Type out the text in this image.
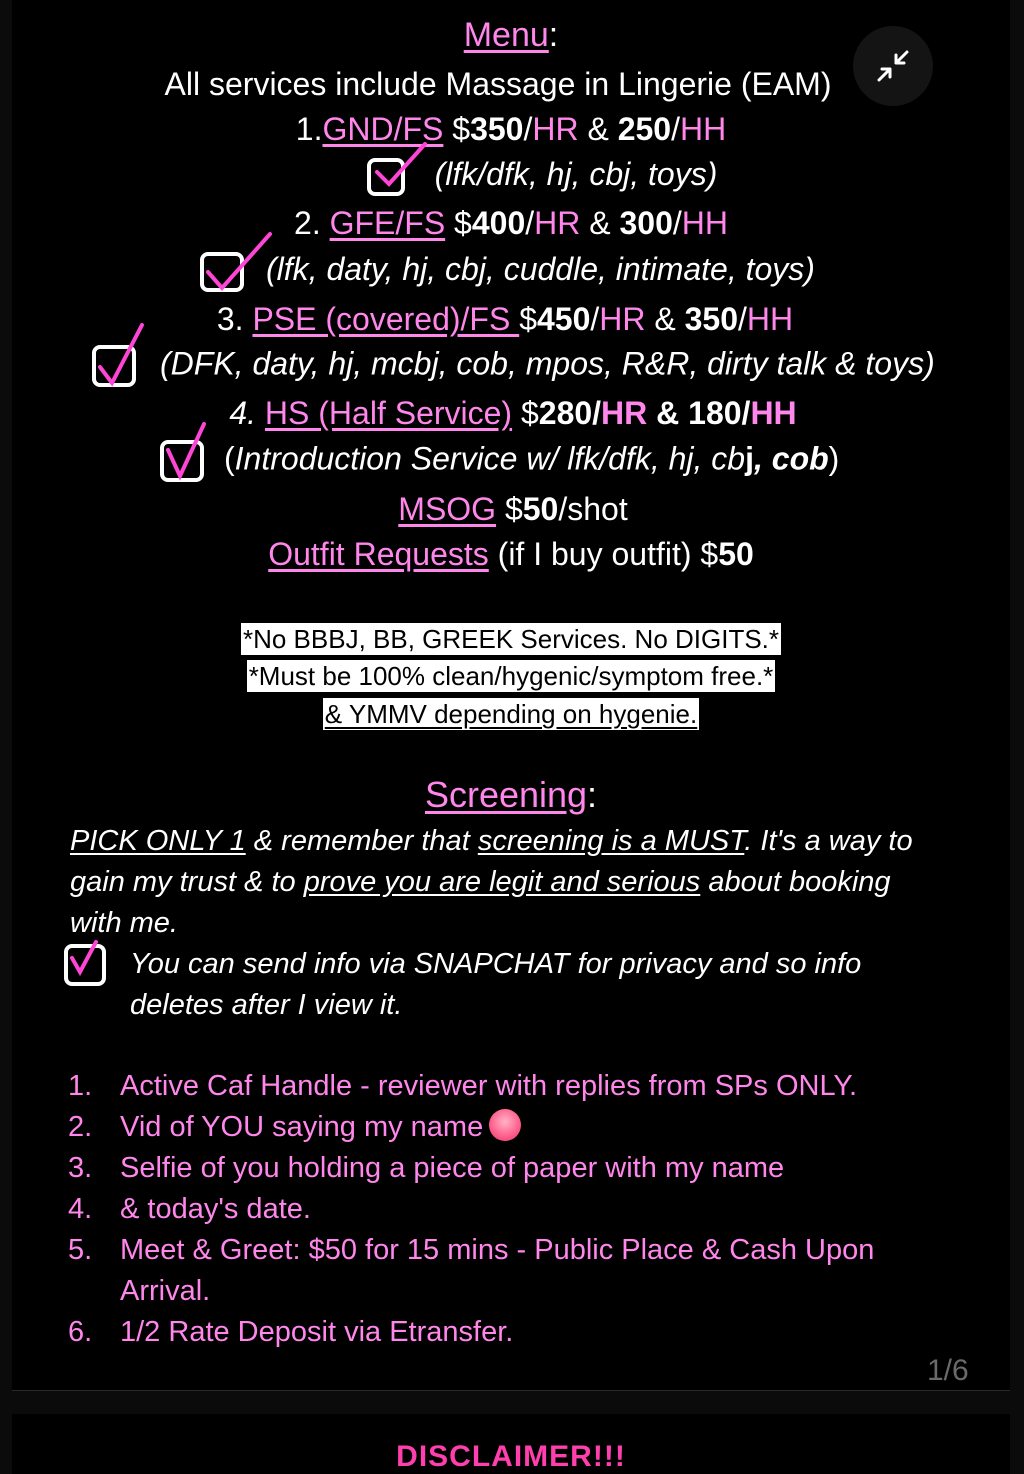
Menu:
All services include Massage in Lingerie (EAM)
1.GND/FS $350/HR & 250/HH
(lfk/dfk, hj, cbj, toys)
2. GFE/FS $400/HR & 300/HH
(lfk, daty, hj, cbj, cuddle, intimate, toys)
3. PSE (covered)/FS $450/HR & 350/HH
(DFK, daty, hj, mcbj, cob, mpos, R&R, dirty talk & toys)
4. HS (Half Service) $280/HR & 180/HH
(Introduction Service w/ lfk/dfk, hj, cbj, cob)
MSOG $50/shot
Outfit Requests (if I buy outfit) $50
*No BBBJ, BB, GREEK Services. No DIGITS.*
*Must be 100% clean/hygenic/symptom free.*
& YMMV depending on hygenie.
Screening:
PICK ONLY 1 & remember that screening is a MUST. It's a way to gain my trust & to prove you are legit and serious about booking with me.
You can send info via SNAPCHAT for privacy and so info deletes after I view it.
1. Active Caf Handle - reviewer with replies from SPs ONLY.
2. Vid of YOU saying my name
3. Selfie of you holding a piece of paper with my name
4. & today's date.
5. Meet & Greet: $50 for 15 mins - Public Place & Cash Upon Arrival.
6. 1/2 Rate Deposit via Etransfer.
1/6
DISCLAIMER!!!
